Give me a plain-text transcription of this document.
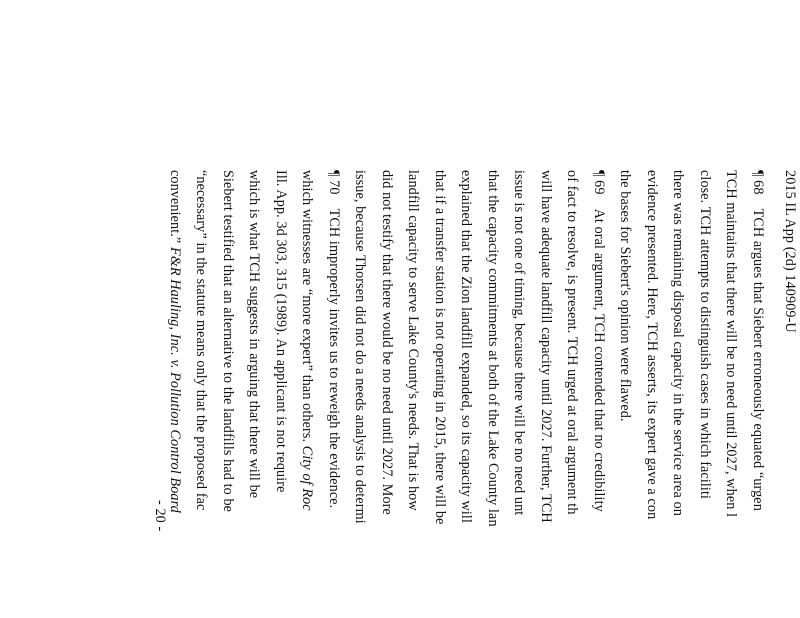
2015 IL App (2d) 140909-U
¶ 68TCH argues that Siebert erroneously equated “urgen
TCH maintains that there will be no need until 2027, when l
close. TCH attempts to distinguish cases in which faciliti
there was remaining disposal capacity in the service area on
evidence presented. Here, TCH asserts, its expert gave a con
the bases for Siebert's opinion were flawed.
¶ 69At oral argument, TCH contended that no credibility
of fact to resolve, is present. TCH urged at oral argument th
will have adequate landfill capacity until 2027. Further, TCH
issue is not one of timing, because there will be no need unt
that the capacity commitments at both of the Lake County lan
explained that the Zion landfill expanded, so its capacity will
that if a transfer station is not operating in 2015, there will be
landfill capacity to serve Lake County's needs. That is how
did not testify that there would be no need until 2027. More
issue, because Thorsen did not do a needs analysis to determi
¶ 70TCH improperly invites us to reweigh the evidence.
which witnesses are “more expert” than others. City of Roc
Ill. App. 3d 303, 315 (1989). An applicant is not require
which is what TCH suggests in arguing that there will be
Siebert testified that an alternative to the landfills had to be
“necessary” in the statute means only that the proposed fac
convenient.” F&R Hauling, Inc. v. Pollution Control Board
- 20 -
